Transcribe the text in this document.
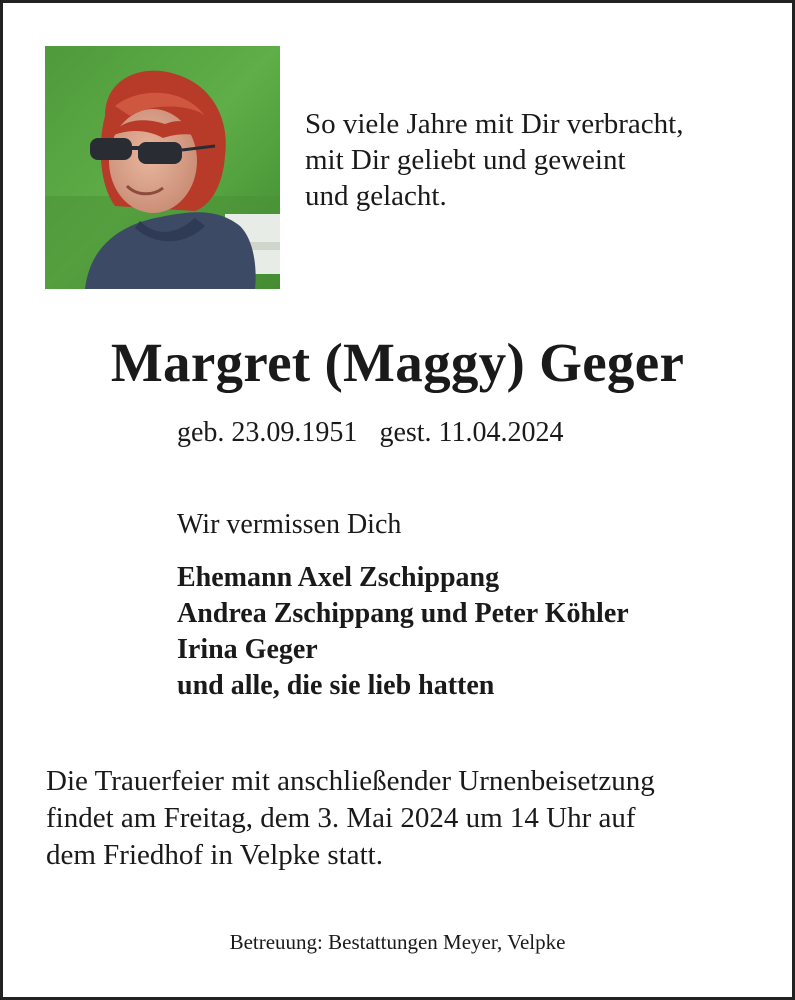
So viele Jahre mit Dir verbracht,
mit Dir geliebt und geweint
und gelacht.
Margret (Maggy) Geger
geb. 23.09.1951 gest. 11.04.2024
Wir vermissen Dich
Ehemann Axel Zschippang
Andrea Zschippang und Peter Köhler
Irina Geger
und alle, die sie lieb hatten
Die Trauerfeier mit anschließender Urnenbeisetzung
findet am Freitag, dem 3. Mai 2024 um 14 Uhr auf
dem Friedhof in Velpke statt.
Betreuung: Bestattungen Meyer, Velpke
